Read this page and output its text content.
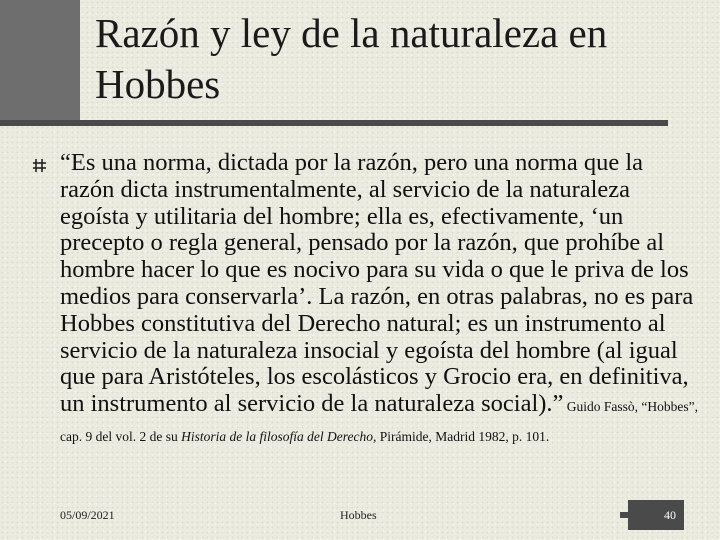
Razón y ley de la naturaleza en Hobbes
“Es una norma, dictada por la razón, pero una norma que la razón dicta instrumentalmente, al servicio de la naturaleza egoísta y utilitaria del hombre; ella es, efectivamente, ‘un precepto o regla general, pensado por la razón, que prohíbe al hombre hacer lo que es nocivo para su vida o que le priva de los medios para conservarla’. La razón, en otras palabras, no es para Hobbes constitutiva del Derecho natural; es un instrumento al servicio de la naturaleza insocial y egoísta del hombre (al igual que para Aristóteles, los escolásticos y Grocio era, en definitiva, un instrumento al servicio de la naturaleza social).” Guido Fassò, “Hobbes”, cap. 9 del vol. 2 de su Historia de la filosofía del Derecho, Pirámide, Madrid 1982, p. 101.
05/09/2021	Hobbes	40
